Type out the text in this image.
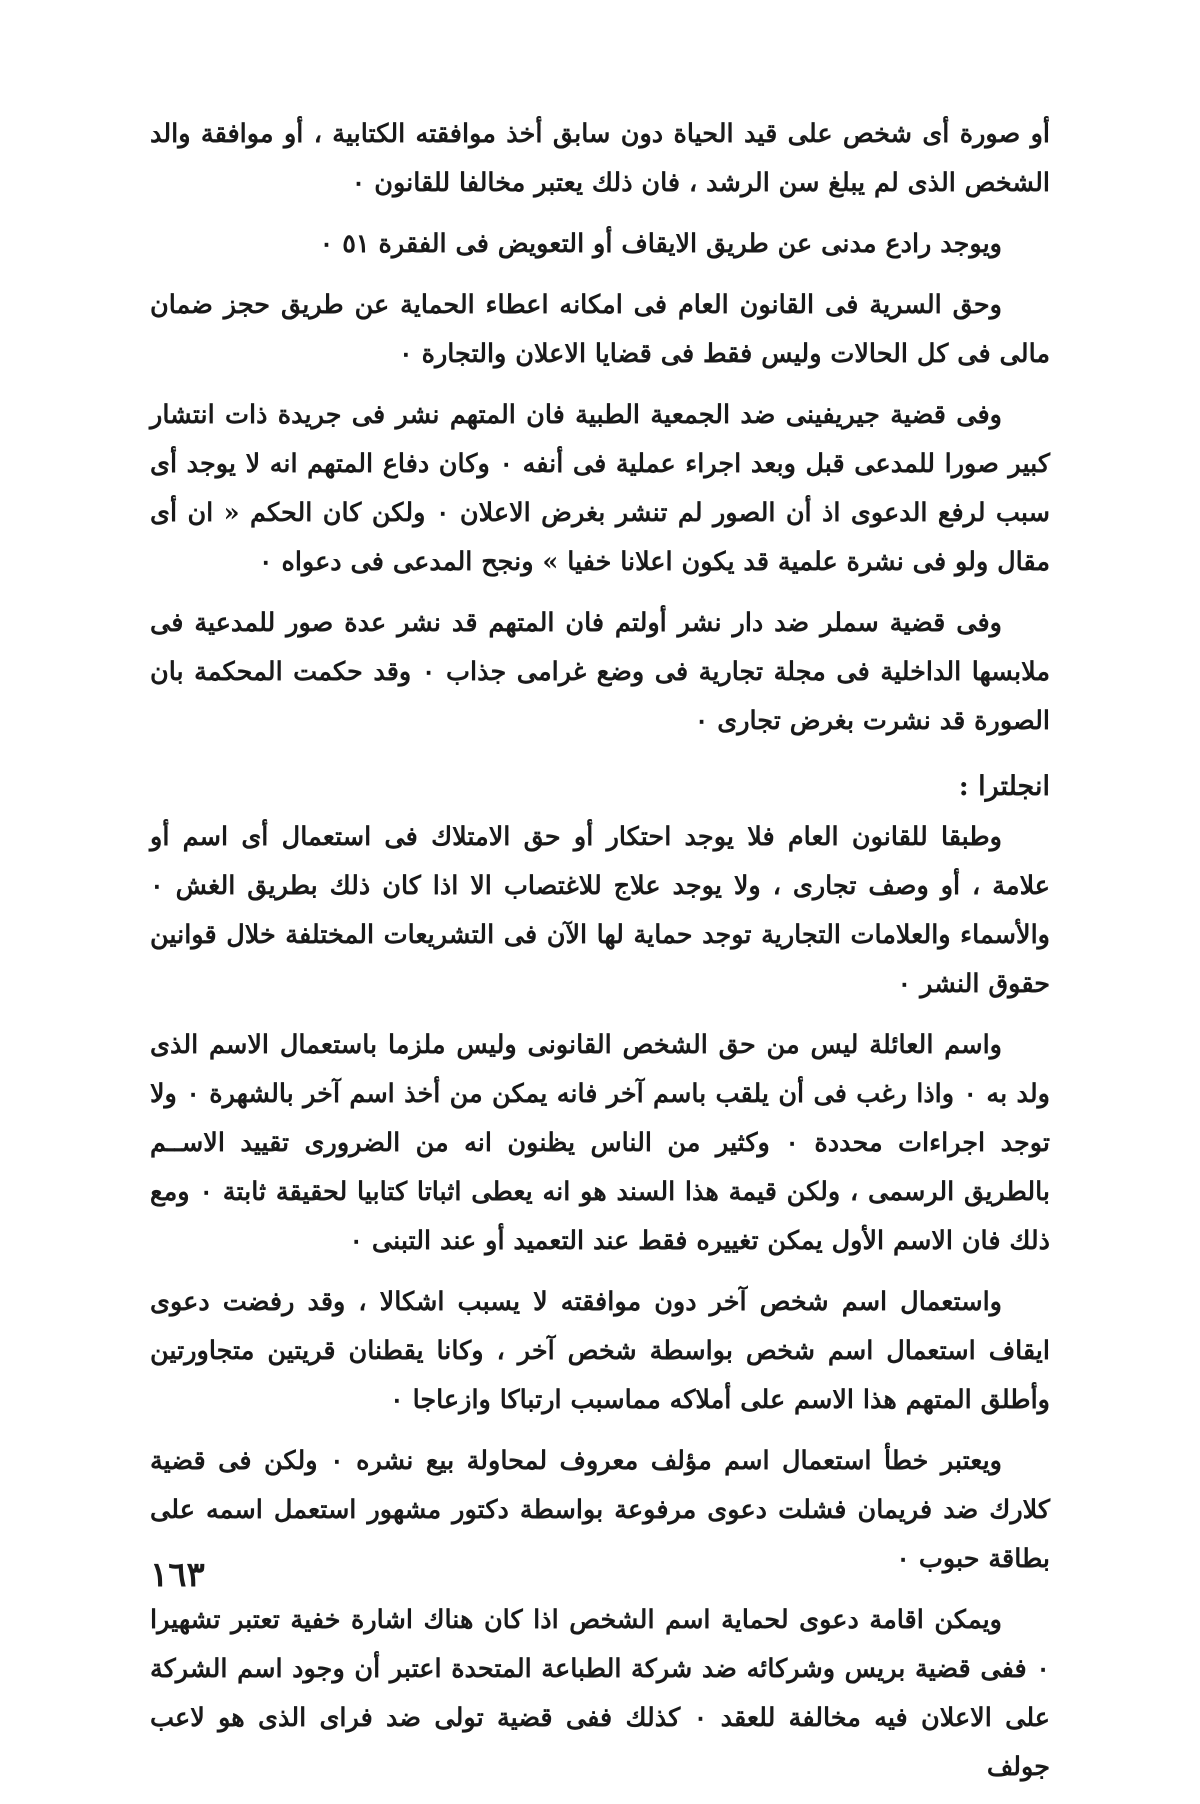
أو صورة أى شخص على قيد الحياة دون سابق أخذ موافقته الكتابية ، أو موافقة والد الشخص الذى لم يبلغ سن الرشد ، فان ذلك يعتبر مخالفا للقانون ٠

ويوجد رادع مدنى عن طريق الايقاف أو التعويض فى الفقرة ٥١ ٠

وحق السرية فى القانون العام فى امكانه اعطاء الحماية عن طريق حجز ضمان مالى فى كل الحالات وليس فقط فى قضايا الاعلان والتجارة ٠

وفى قضية جيريفينى ضد الجمعية الطبية فان المتهم نشر فى جريدة ذات انتشار كبير صورا للمدعى قبل وبعد اجراء عملية فى أنفه ٠ وكان دفاع المتهم انه لا يوجد أى سبب لرفع الدعوى اذ أن الصور لم تنشر بغرض الاعلان ٠ ولكن كان الحكم « ان أى مقال ولو فى نشرة علمية قد يكون اعلانا خفيا » ونجح المدعى فى دعواه ٠

وفى قضية سملر ضد دار نشر أولتم فان المتهم قد نشر عدة صور للمدعية فى ملابسها الداخلية فى مجلة تجارية فى وضع غرامى جذاب ٠ وقد حكمت المحكمة بان الصورة قد نشرت بغرض تجارى ٠

انجلترا :

وطبقا للقانون العام فلا يوجد احتكار أو حق الامتلاك فى استعمال أى اسم أو علامة ، أو وصف تجارى ، ولا يوجد علاج للاغتصاب الا اذا كان ذلك بطريق الغش ٠ والأسماء والعلامات التجارية توجد حماية لها الآن فى التشريعات المختلفة خلال قوانين حقوق النشر ٠

واسم العائلة ليس من حق الشخص القانونى وليس ملزما باستعمال الاسم الذى ولد به ٠ واذا رغب فى أن يلقب باسم آخر فانه يمكن من أخذ اسم آخر بالشهرة ٠ ولا توجد اجراءات محددة ٠ وكثير من الناس يظنون انه من الضرورى تقييد الاســم بالطريق الرسمى ، ولكن قيمة هذا السند هو انه يعطى اثباتا كتابيا لحقيقة ثابتة ٠ ومع ذلك فان الاسم الأول يمكن تغييره فقط عند التعميد أو عند التبنى ٠

واستعمال اسم شخص آخر دون موافقته لا يسبب اشكالا ، وقد رفضت دعوى ايقاف استعمال اسم شخص بواسطة شخص آخر ، وكانا يقطنان قريتين متجاورتين وأطلق المتهم هذا الاسم على أملاكه مماسبب ارتباكا وازعاجا ٠

ويعتبر خطأ استعمال اسم مؤلف معروف لمحاولة بيع نشره ٠ ولكن فى قضية كلارك ضد فريمان فشلت دعوى مرفوعة بواسطة دكتور مشهور استعمل اسمه على بطاقة حبوب ٠

ويمكن اقامة دعوى لحماية اسم الشخص اذا كان هناك اشارة خفية تعتبر تشهيرا ٠ ففى قضية بريس وشركائه ضد شركة الطباعة المتحدة اعتبر أن وجود اسم الشركة على الاعلان فيه مخالفة للعقد ٠ كذلك ففى قضية تولى ضد فراى الذى هو لاعب جولف

١٦٣
